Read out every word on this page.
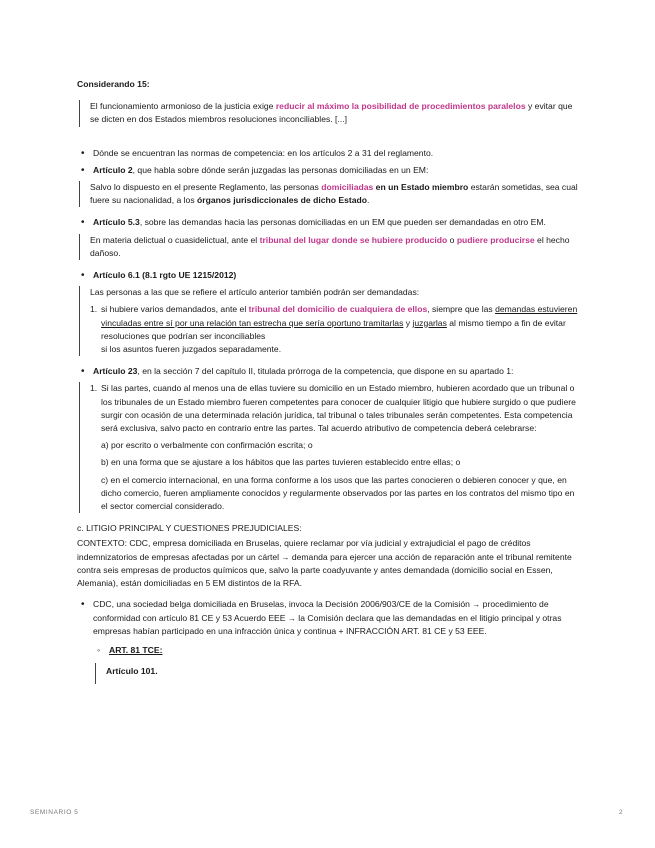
Considerando 15:
El funcionamiento armonioso de la justicia exige reducir al máximo la posibilidad de procedimientos paralelos y evitar que se dicten en dos Estados miembros resoluciones inconciliables. [...]
• Dónde se encuentran las normas de competencia: en los artículos 2 a 31 del reglamento.
• Artículo 2, que habla sobre dónde serán juzgadas las personas domiciliadas en un EM:
Salvo lo dispuesto en el presente Reglamento, las personas domiciliadas en un Estado miembro estarán sometidas, sea cual fuere su nacionalidad, a los órganos jurisdiccionales de dicho Estado.
• Artículo 5.3, sobre las demandas hacia las personas domiciliadas en un EM que pueden ser demandadas en otro EM.
En materia delictual o cuasidelictual, ante el tribunal del lugar donde se hubiere producido o pudiere producirse el hecho dañoso.
• Artículo 6.1 (8.1 rgto UE 1215/2012)
Las personas a las que se refiere el artículo anterior también podrán ser demandadas:
1. si hubiere varios demandados, ante el tribunal del domicilio de cualquiera de ellos, siempre que las demandas estuvieren vinculadas entre sí por una relación tan estrecha que sería oportuno tramitarlas y juzgarlas al mismo tiempo a fin de evitar resoluciones que podrían ser inconciliables
si los asuntos fueren juzgados separadamente.
• Artículo 23, en la sección 7 del capítulo II, titulada prórroga de la competencia, que dispone en su apartado 1:
1. Si las partes, cuando al menos una de ellas tuviere su domicilio en un Estado miembro, hubieren acordado que un tribunal o los tribunales de un Estado miembro fueren competentes para conocer de cualquier litigio que hubiere surgido o que pudiere surgir con ocasión de una determinada relación jurídica, tal tribunal o tales tribunales serán competentes. Esta competencia será exclusiva, salvo pacto en contrario entre las partes. Tal acuerdo atributivo de competencia deberá celebrarse:
a) por escrito o verbalmente con confirmación escrita; o
b) en una forma que se ajustare a los hábitos que las partes tuvieren establecido entre ellas; o
c) en el comercio internacional, en una forma conforme a los usos que las partes conocieren o debieren conocer y que, en dicho comercio, fueren ampliamente conocidos y regularmente observados por las partes en los contratos del mismo tipo en el sector comercial considerado.
c. LITIGIO PRINCIPAL Y CUESTIONES PREJUDICIALES:
CONTEXTO: CDC, empresa domiciliada en Bruselas, quiere reclamar por vía judicial y extrajudicial el pago de créditos indemnizatorios de empresas afectadas por un cártel → demanda para ejercer una acción de reparación ante el tribunal remitente contra seis empresas de productos químicos que, salvo la parte coadyuvante y antes demandada (domicilio social en Essen, Alemania), están domiciliadas en 5 EM distintos de la RFA.
• CDC, una sociedad belga domiciliada en Bruselas, invoca la Decisión 2006/903/CE de la Comisión → procedimiento de conformidad con artículo 81 CE y 53 Acuerdo EEE → la Comisión declara que las demandadas en el litigio principal y otras empresas habían participado en una infracción única y continua + INFRACCIÓN ART. 81 CE y 53 EEE.
◦ ART. 81 TCE:
Artículo 101.
SEMINARIO 5	2
